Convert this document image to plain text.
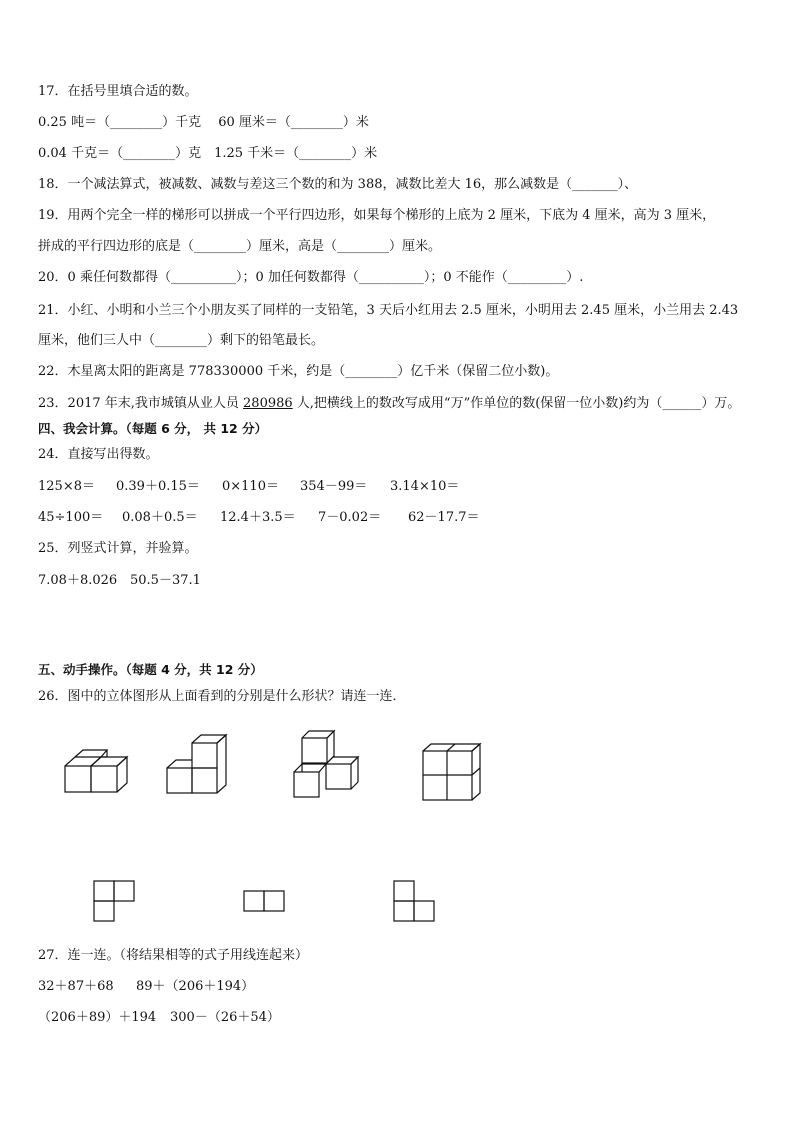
17．在括号里填合适的数。
0.25 吨＝（________）千克　 60 厘米＝（________）米
0.04 千克＝（________）克　1.25 千米＝（________）米
18．一个减法算式，被减数、减数与差这三个数的和为 388，减数比差大 16，那么减数是（_______）、
19．用两个完全一样的梯形可以拼成一个平行四边形，如果每个梯形的上底为 2 厘米，下底为 4 厘米，高为 3 厘米，
拼成的平行四边形的底是（________）厘米，高是（________）厘米。
20．0 乘任何数都得（__________）；0 加任何数都得（__________）；0 不能作（_________）.
21．小红、小明和小兰三个小朋友买了同样的一支铅笔，3 天后小红用去 2.5 厘米，小明用去 2.45 厘米，小兰用去 2.43
厘米，他们三人中（________）剩下的铅笔最长。
22．木星离太阳的距离是 778330000 千米，约是（________）亿千米（保留二位小数)。
23．2017 年末,我市城镇从业人员 280986 人,把横线上的数改写成用“万”作单位的数(保留一位小数)约为（______）万。
四、我会计算。（每题 6 分， 共 12 分）
24．直接写出得数。
125×8＝ 0.39＋0.15＝ 0×110＝ 354－99＝ 3.14×10＝
45÷100＝ 0.08＋0.5＝ 12.4＋3.5＝ 7－0.02＝ 62－17.7＝
25．列竖式计算，并验算。
7.08＋8.026 50.5－37.1
五、动手操作。（每题 4 分，共 12 分）
26．图中的立体图形从上面看到的分别是什么形状？请连一连．
27．连一连。（将结果相等的式子用线连起来）
32＋87＋68 89＋（206＋194）
（206＋89）＋194 300－（26＋54）
